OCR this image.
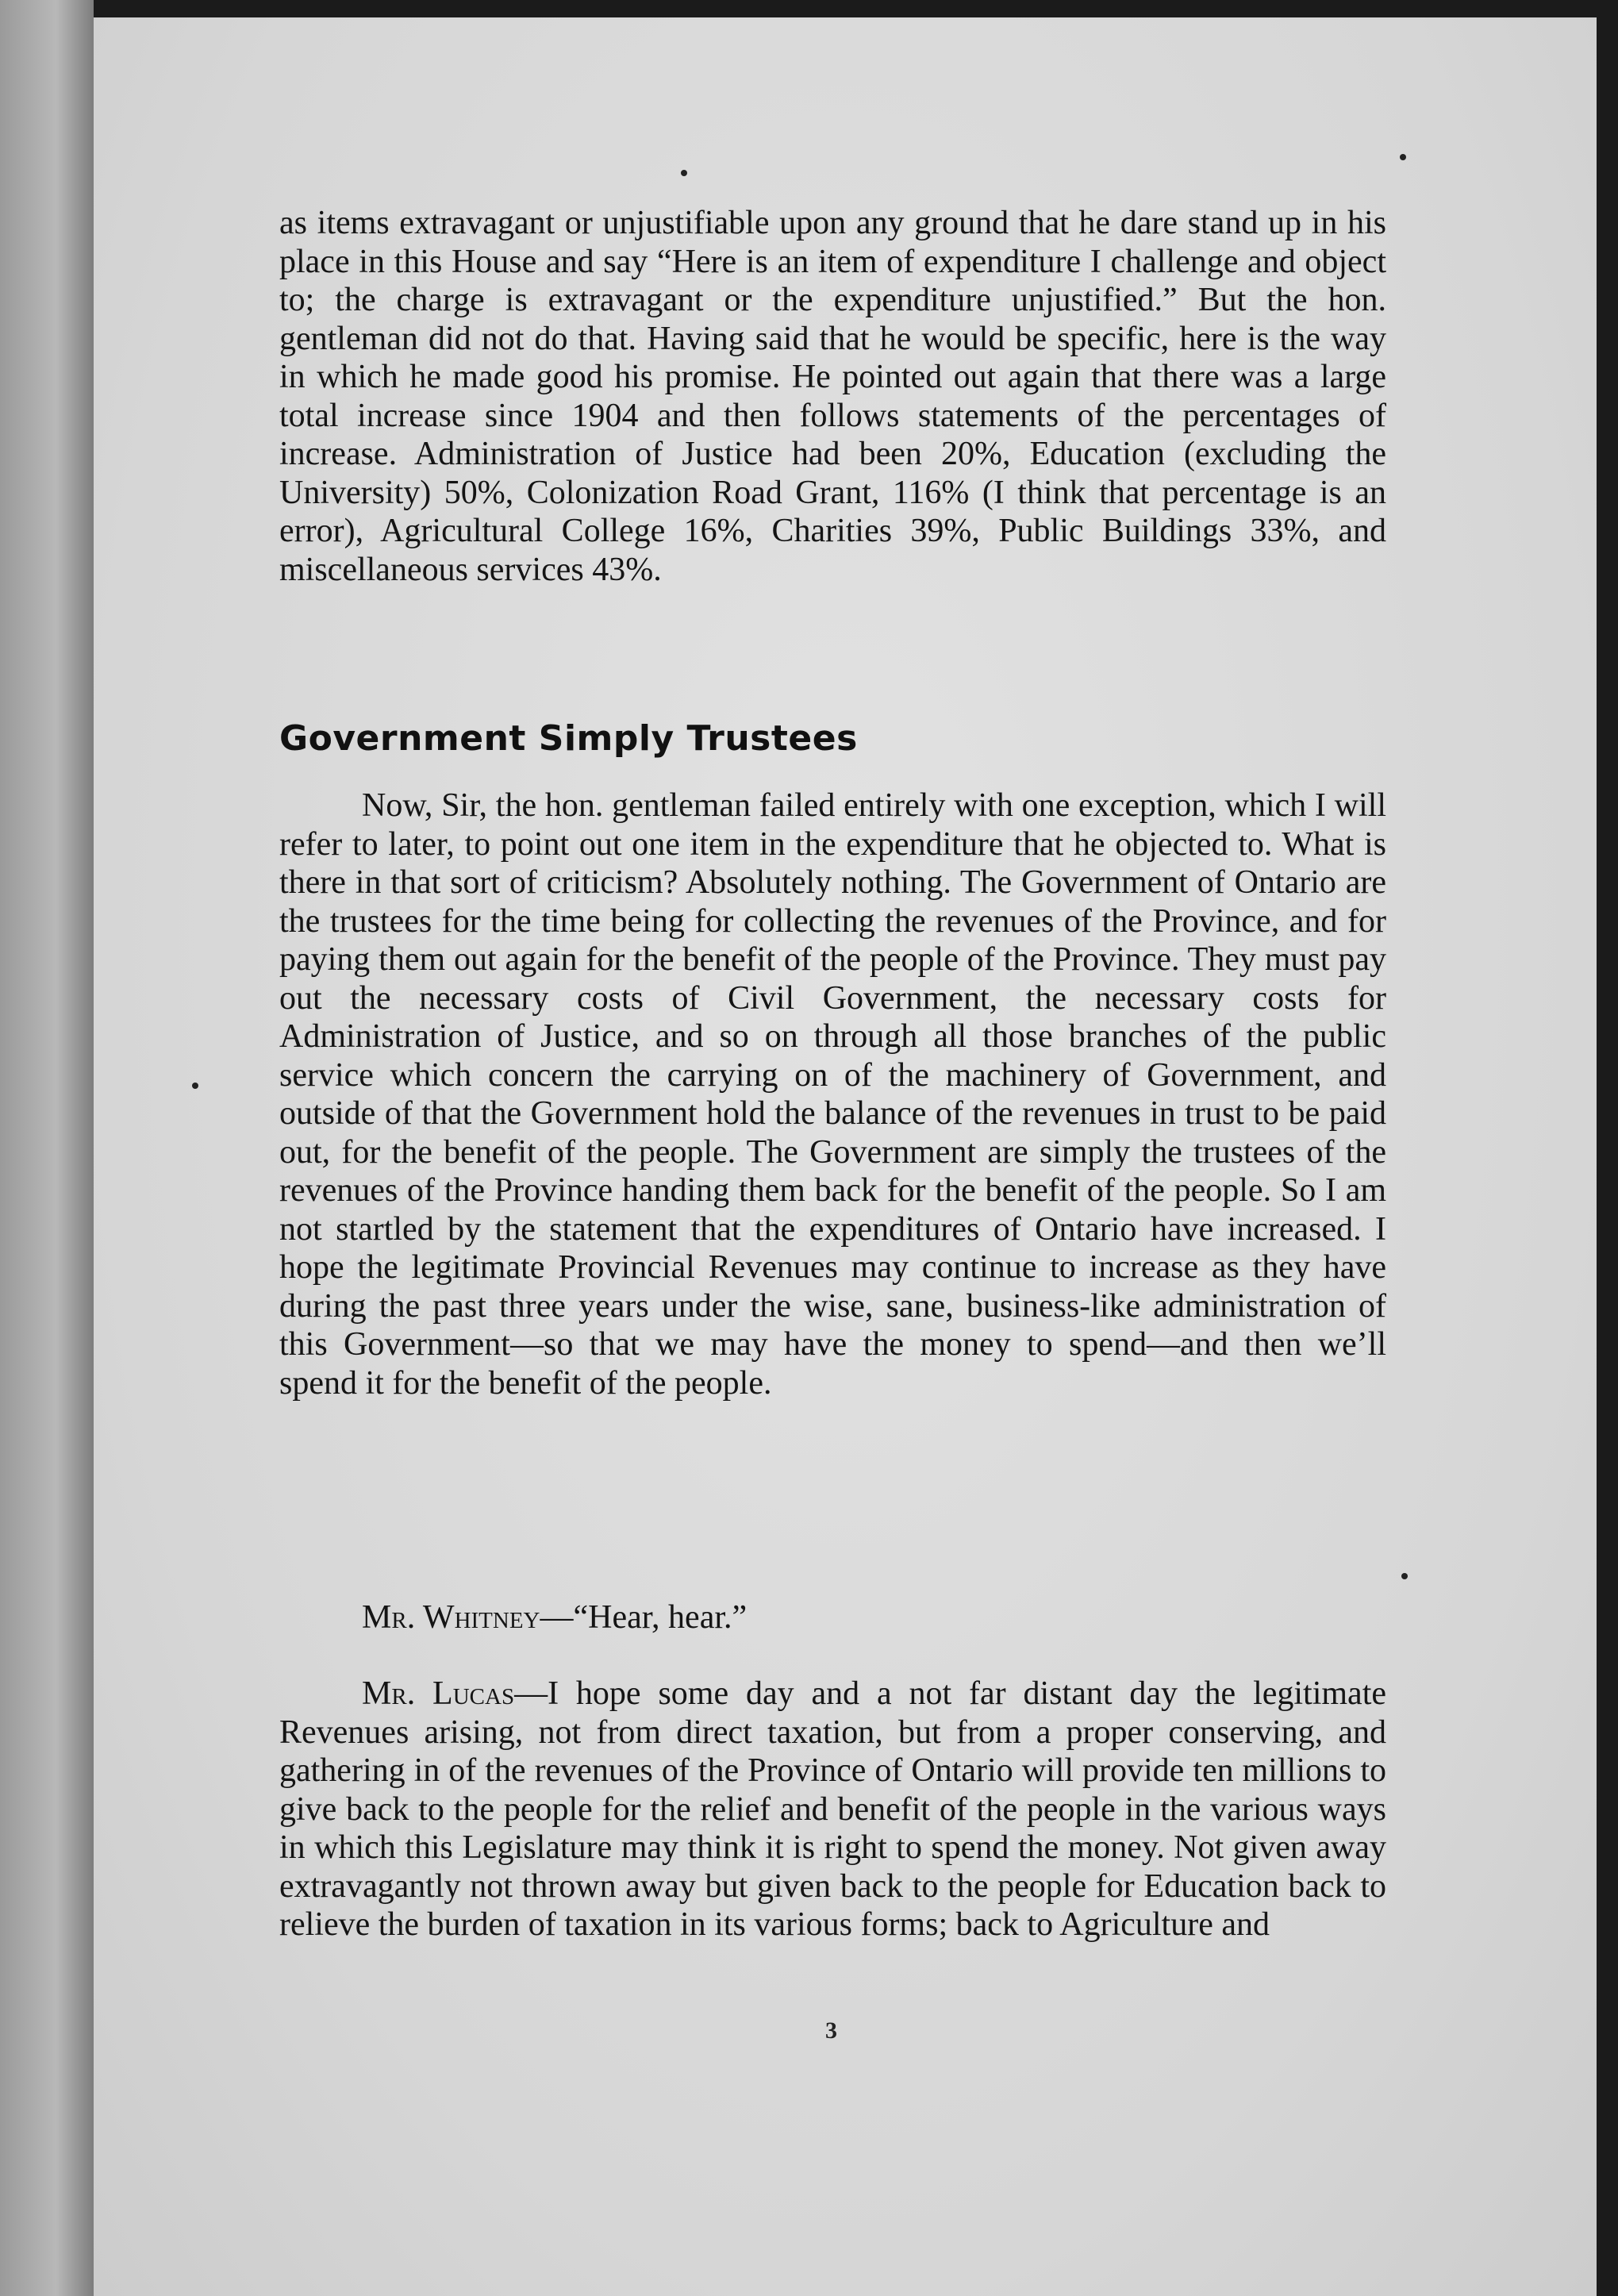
as items extravagant or unjustifiable upon any ground that he dare stand up in his place in this House and say “Here is an item of expenditure I challenge and object to; the charge is extravagant or the expenditure unjustified.” But the hon. gentleman did not do that. Having said that he would be specific, here is the way in which he made good his promise. He pointed out again that there was a large total increase since 1904 and then follows statements of the percentages of increase. Administration of Justice had been 20%, Education (excluding the University) 50%, Colonization Road Grant, 116% (I think that percentage is an error), Agricultural College 16%, Charities 39%, Public Buildings 33%, and miscellaneous services 43%.

Government Simply Trustees

Now, Sir, the hon. gentleman failed entirely with one exception, which I will refer to later, to point out one item in the expenditure that he objected to. What is there in that sort of criticism? Absolutely nothing. The Government of Ontario are the trustees for the time being for collecting the revenues of the Province, and for paying them out again for the benefit of the people of the Province. They must pay out the necessary costs of Civil Government, the necessary costs for Administration of Justice, and so on through all those branches of the public service which concern the carrying on of the machinery of Government, and outside of that the Government hold the balance of the revenues in trust to be paid out, for the benefit of the people. The Government are simply the trustees of the revenues of the Province handing them back for the benefit of the people. So I am not startled by the statement that the expenditures of Ontario have increased. I hope the legitimate Provincial Revenues may continue to increase as they have during the past three years under the wise, sane, business-like administration of this Government—so that we may have the money to spend—and then we’ll spend it for the benefit of the people.

Mr. Whitney—“Hear, hear.”

Mr. Lucas—I hope some day and a not far distant day the legitimate Revenues arising, not from direct taxation, but from a proper conserving, and gathering in of the revenues of the Province of Ontario will provide ten millions to give back to the people for the relief and benefit of the people in the various ways in which this Legislature may think it is right to spend the money. Not given away extravagantly not thrown away but given back to the people for Education back to relieve the burden of taxation in its various forms; back to Agriculture and

3
